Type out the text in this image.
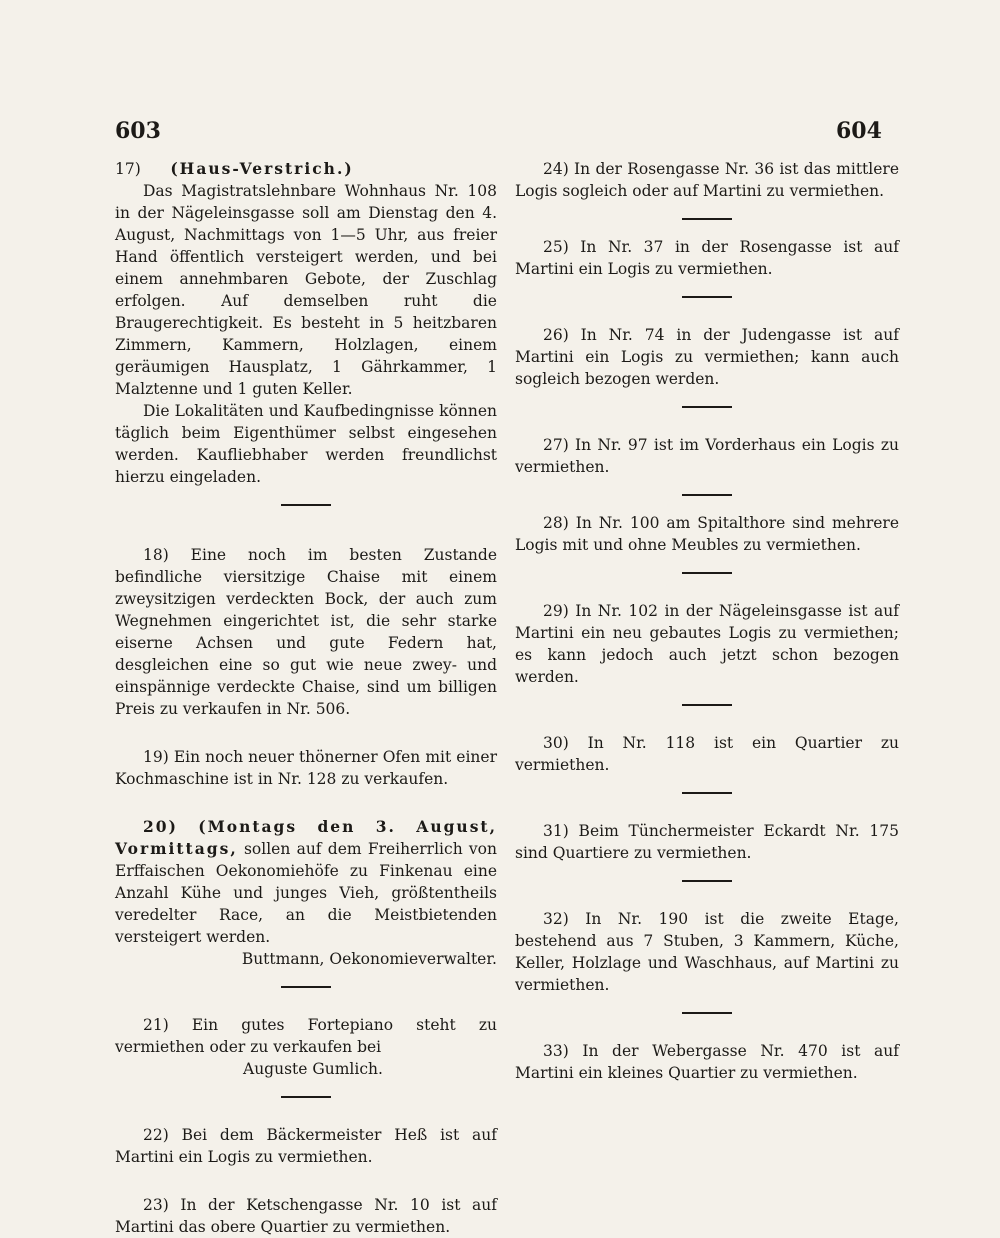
603	604

17) (Haus-Verstrich.)

Das Magistratslehnbare Wohnhaus Nr. 108 in der Nägeleinsgasse soll am Dienstag den 4. August, Nachmittags von 1—5 Uhr, aus freier Hand öffentlich versteigert werden, und bei einem annehmbaren Gebote, der Zuschlag erfolgen. Auf demselben ruht die Braugerechtigkeit. Es besteht in 5 heitzbaren Zimmern, Kammern, Holzlagen, einem geräumigen Hausplatz, 1 Gährkammer, 1 Malztenne und 1 guten Keller.

Die Lokalitäten und Kaufbedingnisse können täglich beim Eigenthümer selbst eingesehen werden. Kaufliebhaber werden freundlichst hierzu eingeladen.

18) Eine noch im besten Zustande befindliche viersitzige Chaise mit einem zweysitzigen verdeckten Bock, der auch zum Wegnehmen eingerichtet ist, die sehr starke eiserne Achsen und gute Federn hat, desgleichen eine so gut wie neue zwey- und einspännige verdeckte Chaise, sind um billigen Preis zu verkaufen in Nr. 506.
19) Ein noch neuer thönerner Ofen mit einer Kochmaschine ist in Nr. 128 zu verkaufen.

20) (Montags den 3. August, Vormittags, sollen auf dem Freiherrlich von Erffaischen Oekonomiehöfe zu Finkenau eine Anzahl Kühe und junges Vieh, größtentheils veredelter Race, an die Meistbietenden versteigert werden.

Buttmann, Oekonomieverwalter.

21) Ein gutes Fortepiano steht zu vermiethen oder zu verkaufen bei

Auguste Gumlich.

22) Bei dem Bäckermeister Heß ist auf Martini ein Logis zu vermiethen.
23) In der Ketschengasse Nr. 10 ist auf Martini das obere Quartier zu vermiethen.
24) In der Rosengasse Nr. 36 ist das mittlere Logis sogleich oder auf Martini zu vermiethen.
25) In Nr. 37 in der Rosengasse ist auf Martini ein Logis zu vermiethen.
26) In Nr. 74 in der Judengasse ist auf Martini ein Logis zu vermiethen; kann auch sogleich bezogen werden.
27) In Nr. 97 ist im Vorderhaus ein Logis zu vermiethen.
28) In Nr. 100 am Spitalthore sind mehrere Logis mit und ohne Meubles zu vermiethen.
29) In Nr. 102 in der Nägeleinsgasse ist auf Martini ein neu gebautes Logis zu vermiethen; es kann jedoch auch jetzt schon bezogen werden.
30) In Nr. 118 ist ein Quartier zu vermiethen.
31) Beim Tünchermeister Eckardt Nr. 175 sind Quartiere zu vermiethen.
32) In Nr. 190 ist die zweite Etage, bestehend aus 7 Stuben, 3 Kammern, Küche, Keller, Holzlage und Waschhaus, auf Martini zu vermiethen.
33) In der Webergasse Nr. 470 ist auf Martini ein kleines Quartier zu vermiethen.
